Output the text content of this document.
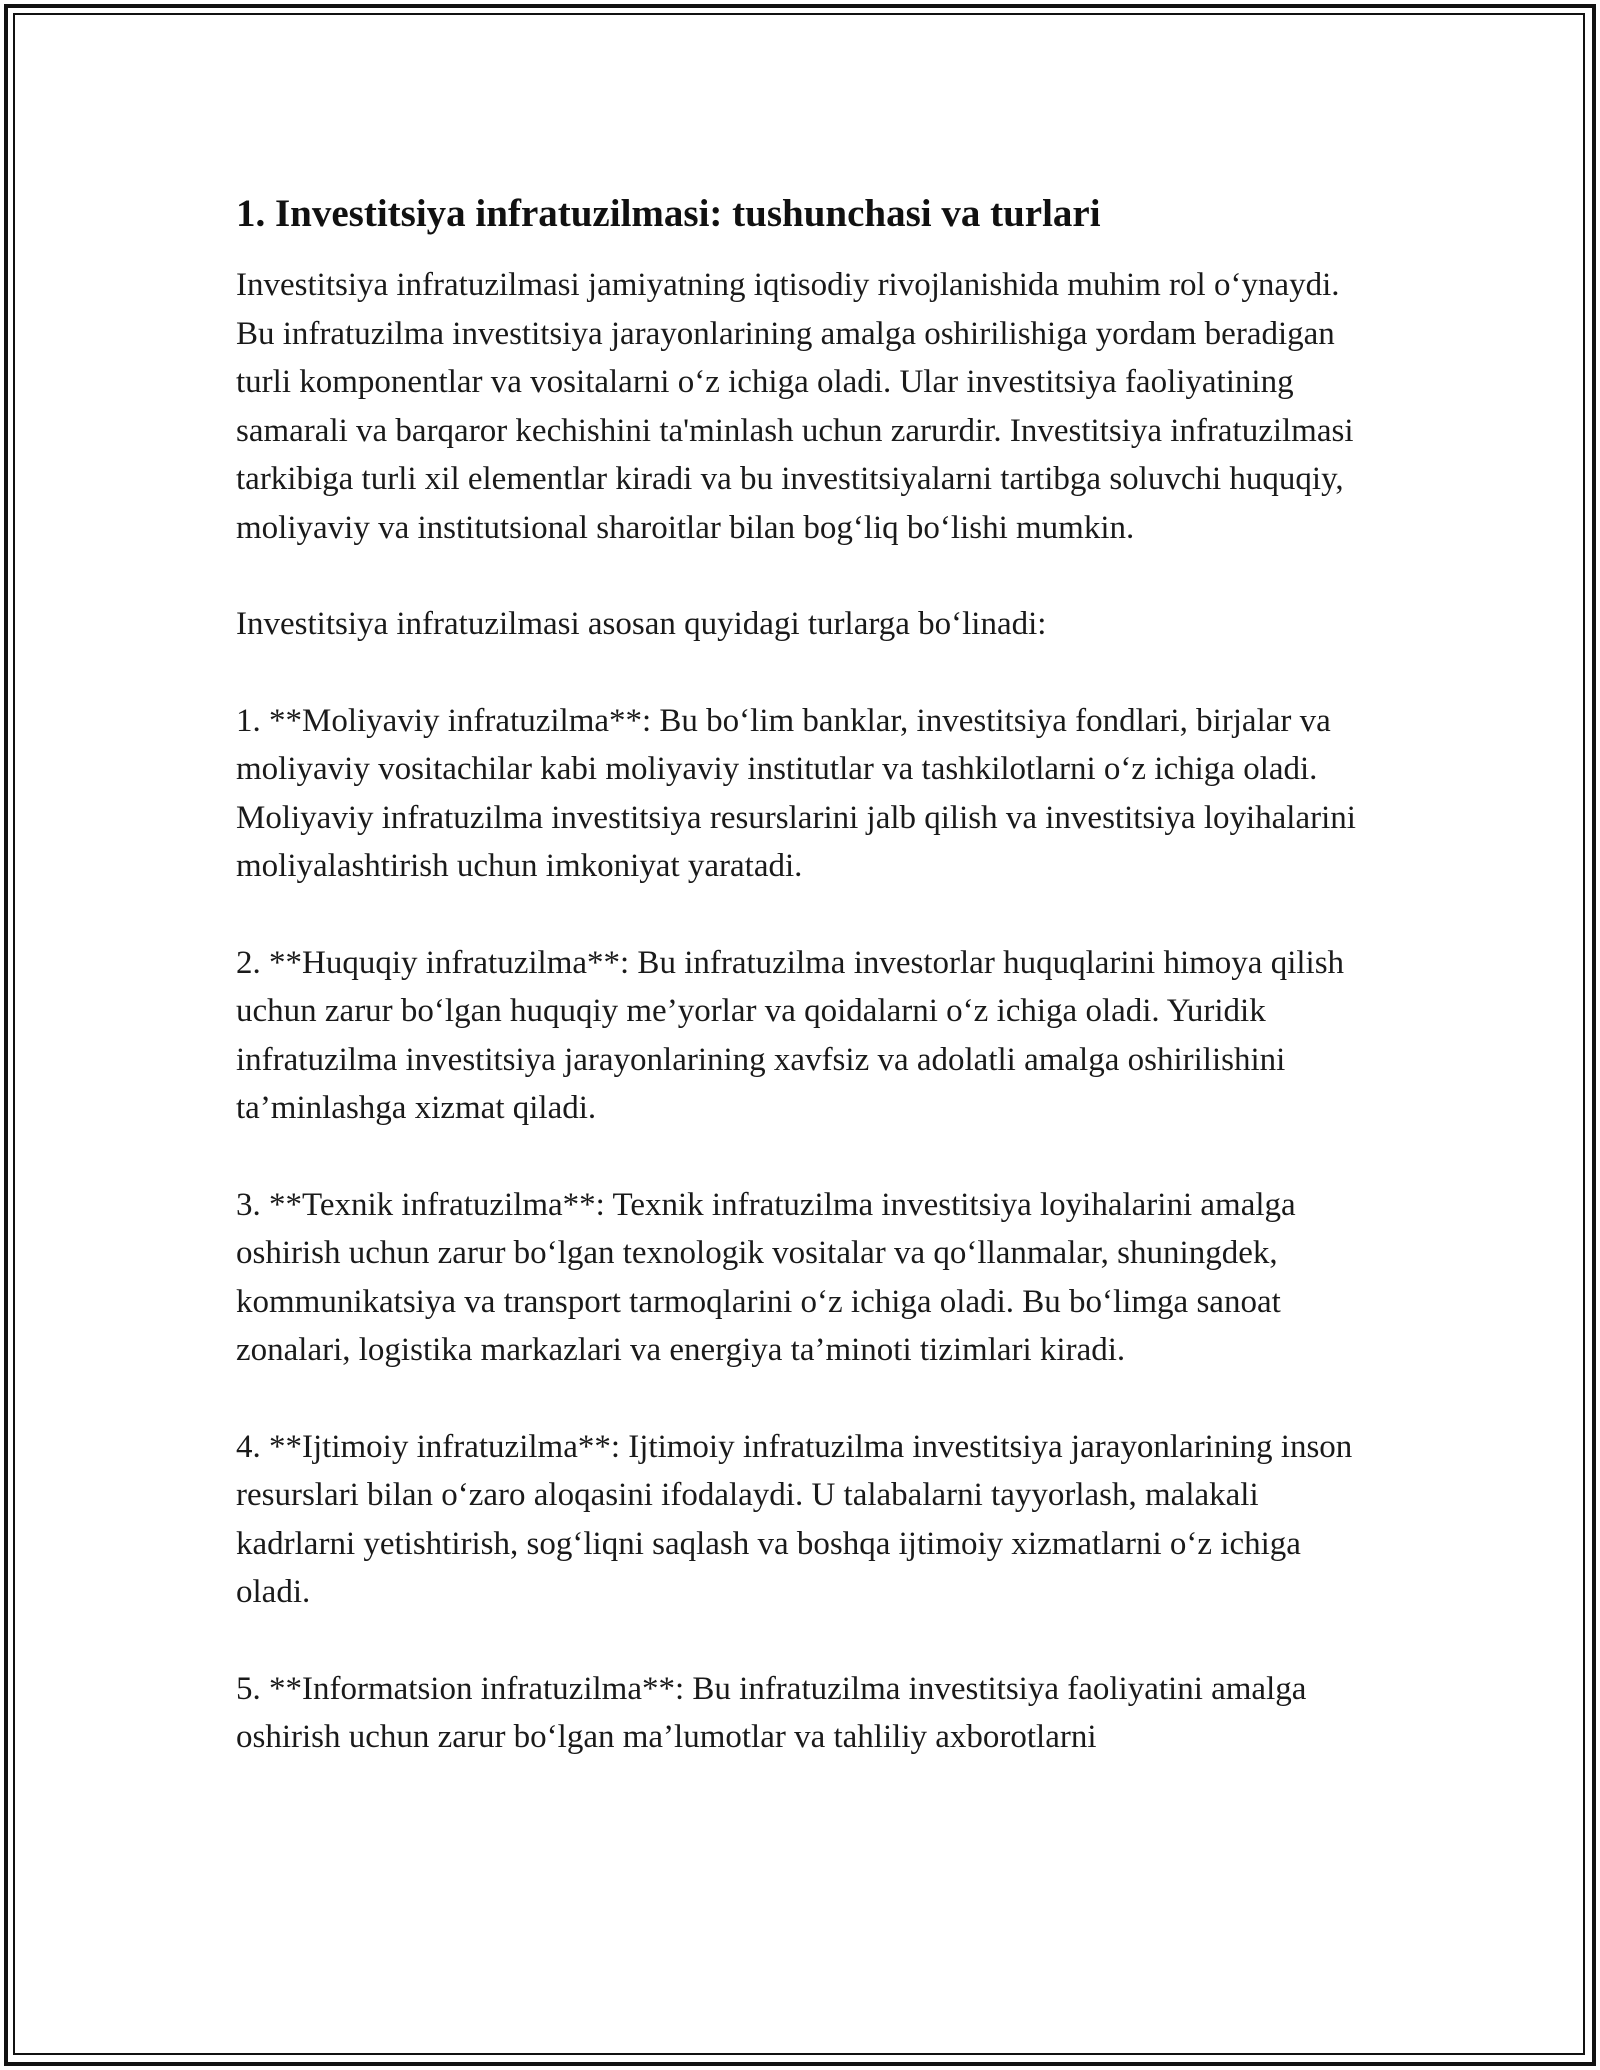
1. Investitsiya infratuzilmasi: tushunchasi va turlari

Investitsiya infratuzilmasi jamiyatning iqtisodiy rivojlanishida muhim rol oʻynaydi. Bu infratuzilma investitsiya jarayonlarining amalga oshirilishiga yordam beradigan turli komponentlar va vositalarni oʻz ichiga oladi. Ular investitsiya faoliyatining samarali va barqaror kechishini ta'minlash uchun zarurdir. Investitsiya infratuzilmasi tarkibiga turli xil elementlar kiradi va bu investitsiyalarni tartibga soluvchi huquqiy, moliyaviy va institutsional sharoitlar bilan bogʻliq boʻlishi mumkin.

Investitsiya infratuzilmasi asosan quyidagi turlarga boʻlinadi:

1. **Moliyaviy infratuzilma**: Bu boʻlim banklar, investitsiya fondlari, birjalar va moliyaviy vositachilar kabi moliyaviy institutlar va tashkilotlarni oʻz ichiga oladi. Moliyaviy infratuzilma investitsiya resurslarini jalb qilish va investitsiya loyihalarini moliyalashtirish uchun imkoniyat yaratadi.

2. **Huquqiy infratuzilma**: Bu infratuzilma investorlar huquqlarini himoya qilish uchun zarur boʻlgan huquqiy me’yorlar va qoidalarni oʻz ichiga oladi. Yuridik infratuzilma investitsiya jarayonlarining xavfsiz va adolatli amalga oshirilishini ta’minlashga xizmat qiladi.

3. **Texnik infratuzilma**: Texnik infratuzilma investitsiya loyihalarini amalga oshirish uchun zarur boʻlgan texnologik vositalar va qoʻllanmalar, shuningdek, kommunikatsiya va transport tarmoqlarini oʻz ichiga oladi. Bu boʻlimga sanoat zonalari, logistika markazlari va energiya ta’minoti tizimlari kiradi.

4. **Ijtimoiy infratuzilma**: Ijtimoiy infratuzilma investitsiya jarayonlarining inson resurslari bilan oʻzaro aloqasini ifodalaydi. U talabalarni tayyorlash, malakali kadrlarni yetishtirish, sogʻliqni saqlash va boshqa ijtimoiy xizmatlarni oʻz ichiga oladi.

5. **Informatsion infratuzilma**: Bu infratuzilma investitsiya faoliyatini amalga oshirish uchun zarur boʻlgan ma’lumotlar va tahliliy axborotlarni
